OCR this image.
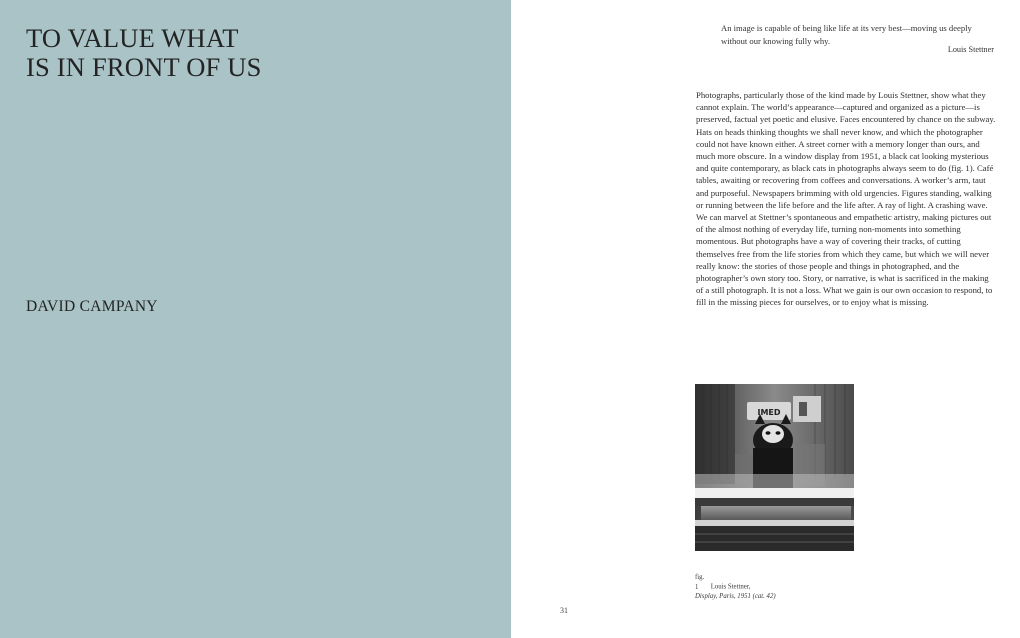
TO VALUE WHAT
IS IN FRONT OF US
DAVID CAMPANY

An image is capable of being like life at its very best—moving us deeply without our knowing fully why.

Louis Stettner

Photographs, particularly those of the kind made by Louis Stettner, show what they cannot explain. The world’s appearance—captured and organized as a picture—is preserved, factual yet poetic and elusive. Faces encountered by chance on the subway. Hats on heads thinking thoughts we shall never know, and which the photographer could not have known either. A street corner with a memory longer than ours, and much more obscure. In a window display from 1951, a black cat looking mysterious and quite contemporary, as black cats in photographs always seem to do (fig. 1). Café tables, awaiting or recovering from coffees and conversations. A worker’s arm, taut and purposeful. Newspapers brimming with old urgencies. Figures standing, walking or running between the life before and the life after. A ray of light. A crashing wave. We can marvel at Stettner’s spontaneous and empathetic artistry, making pictures out of the almost nothing of everyday life, turning non-moments into something momentous. But photographs have a way of covering their tracks, of cutting themselves free from the life stories from which they came, but which we will never really know: the stories of those people and things in photographed, and the photographer’s own story too. Story, or narrative, is what is sacrificed in the making of a still photograph. It is not a loss. What we gain is our own occasion to respond, to fill in the missing pieces for ourselves, or to enjoy what is missing.

IMED
fig. 1 Louis Stettner,
Display, Paris, 1951 (cat. 42)
31
